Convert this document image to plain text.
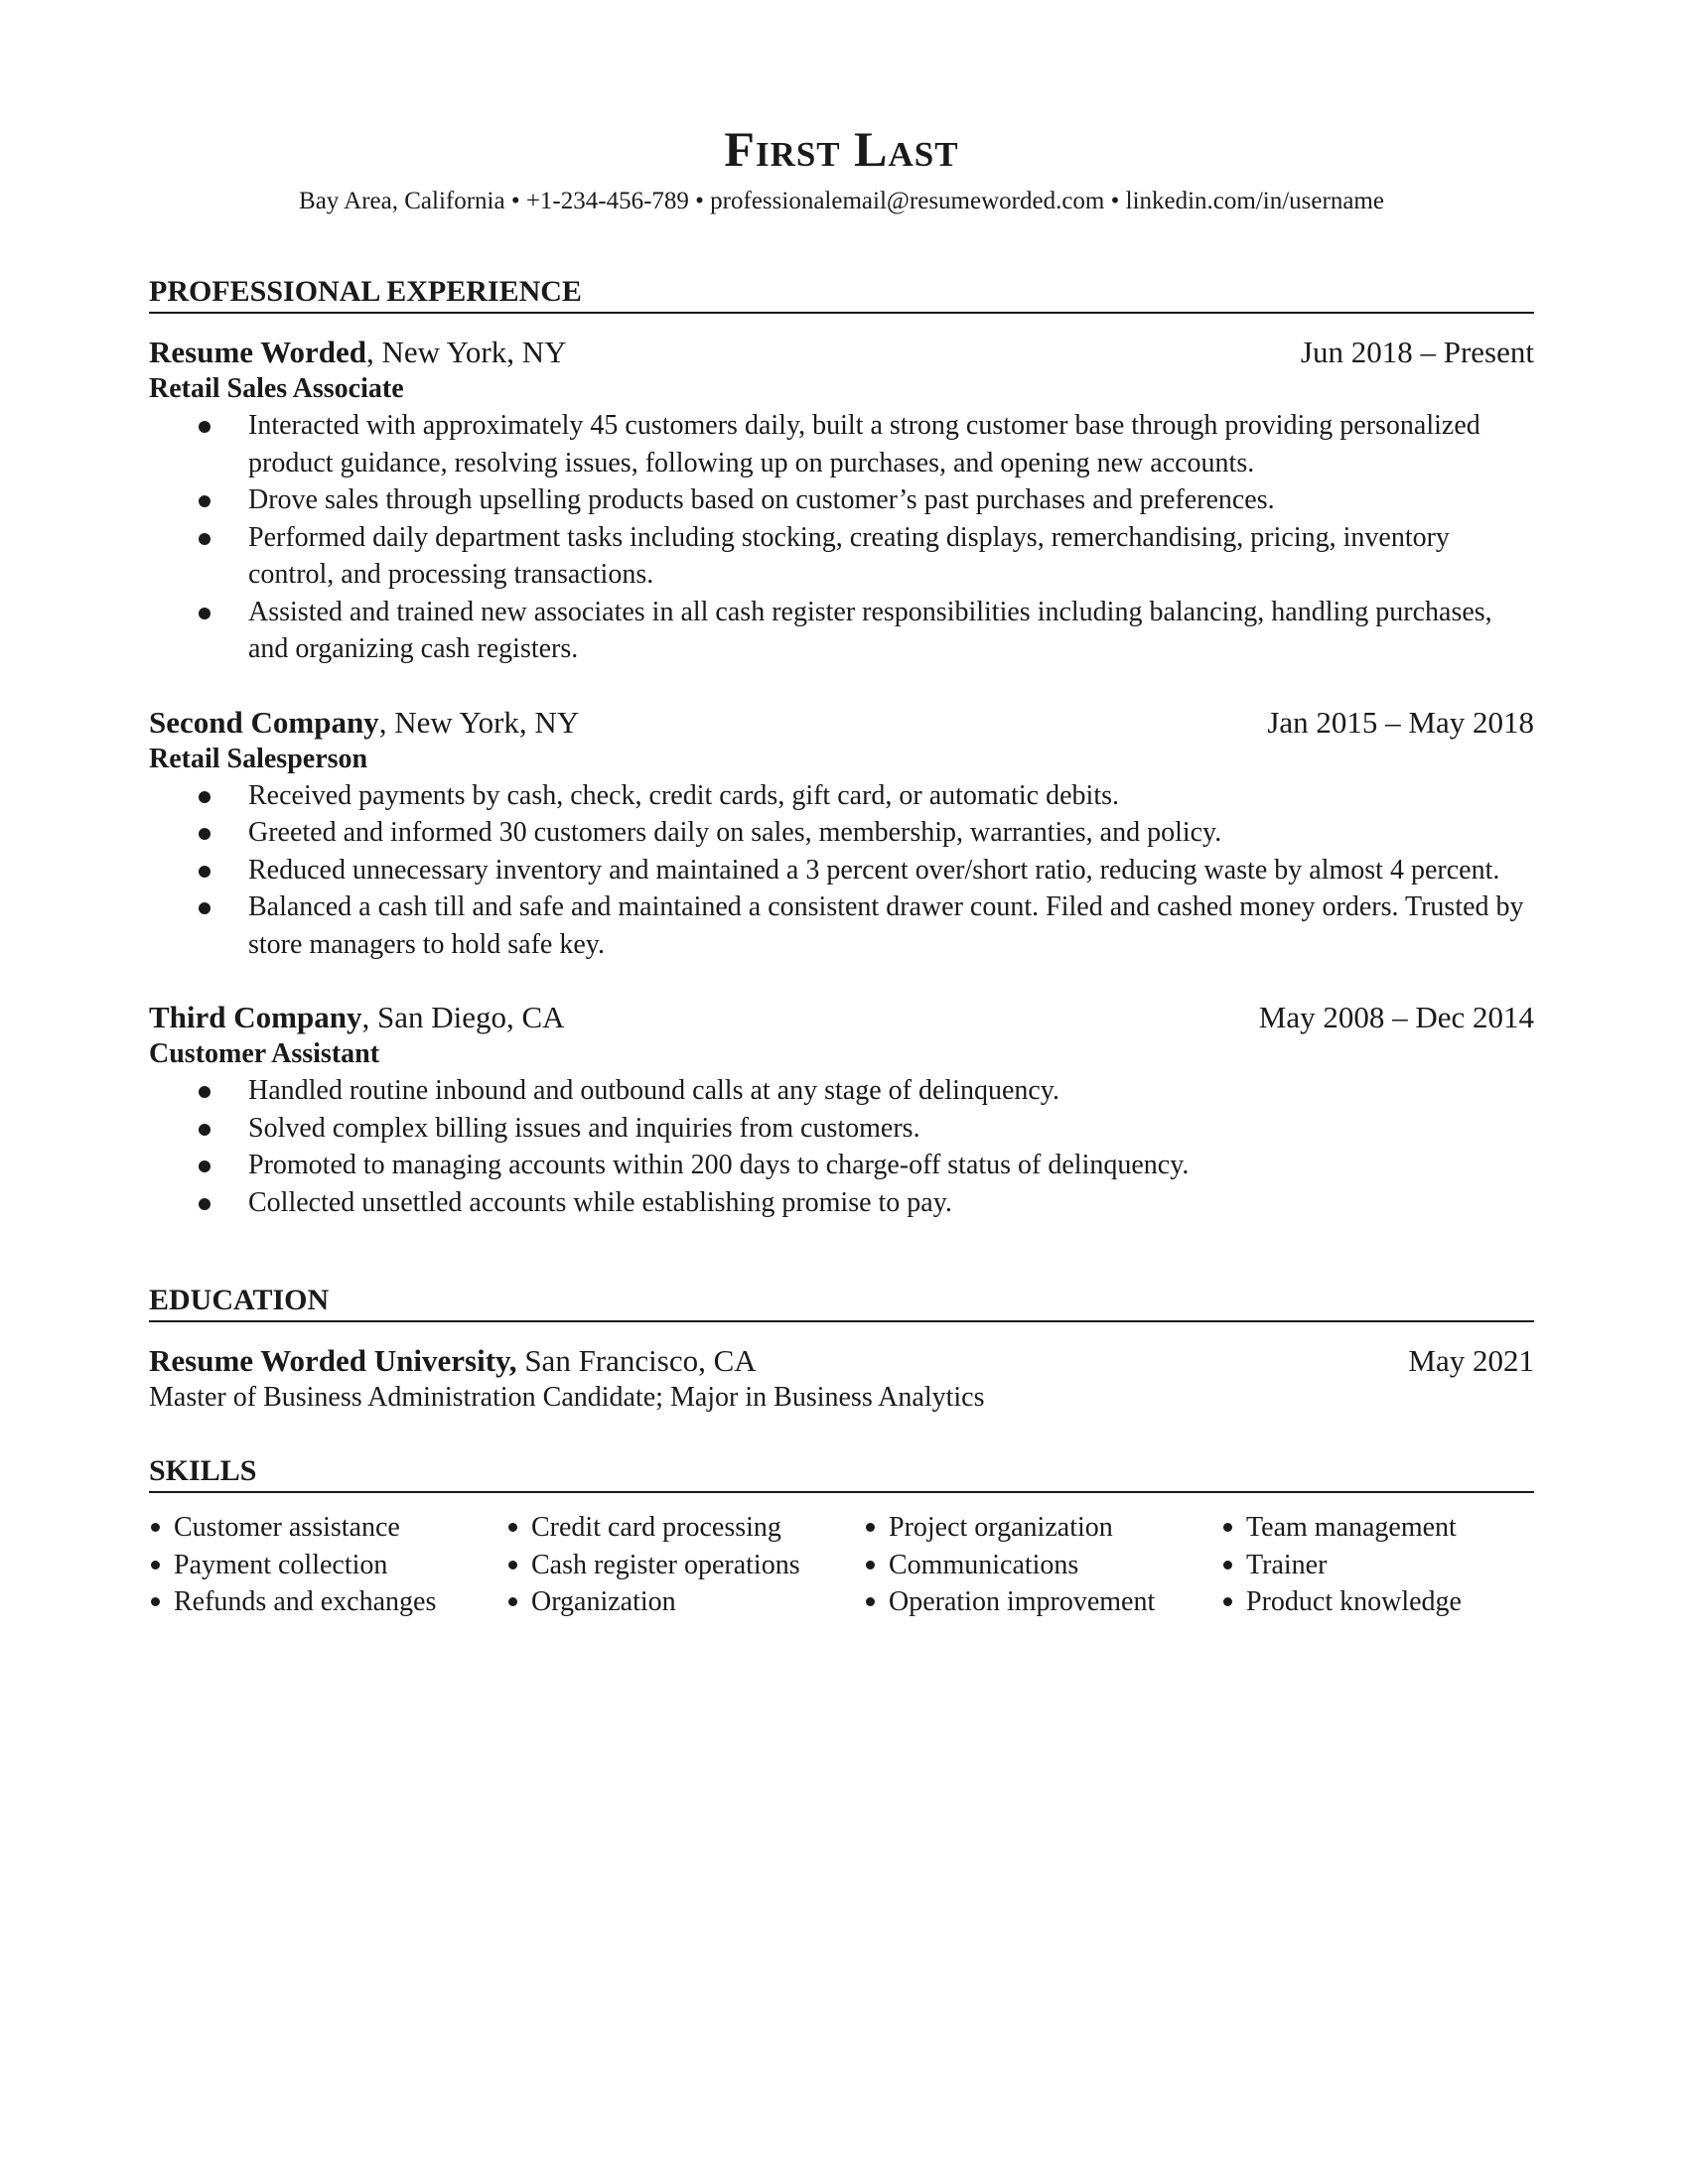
First Last
Bay Area, California • +1-234-456-789 • professionalemail@resumeworded.com • linkedin.com/in/username
PROFESSIONAL EXPERIENCE
Resume Worded, New York, NY	Jun 2018 – Present
Retail Sales Associate
Interacted with approximately 45 customers daily, built a strong customer base through providing personalized product guidance, resolving issues, following up on purchases, and opening new accounts.
Drove sales through upselling products based on customer’s past purchases and preferences.
Performed daily department tasks including stocking, creating displays, remerchandising, pricing, inventory control, and processing transactions.
Assisted and trained new associates in all cash register responsibilities including balancing, handling purchases, and organizing cash registers.
Second Company, New York, NY	Jan 2015 – May 2018
Retail Salesperson
Received payments by cash, check, credit cards, gift card, or automatic debits.
Greeted and informed 30 customers daily on sales, membership, warranties, and policy.
Reduced unnecessary inventory and maintained a 3 percent over/short ratio, reducing waste by almost 4 percent.
Balanced a cash till and safe and maintained a consistent drawer count. Filed and cashed money orders. Trusted by store managers to hold safe key.
Third Company, San Diego, CA	May 2008 – Dec 2014
Customer Assistant
Handled routine inbound and outbound calls at any stage of delinquency.
Solved complex billing issues and inquiries from customers.
Promoted to managing accounts within 200 days to charge-off status of delinquency.
Collected unsettled accounts while establishing promise to pay.
EDUCATION
Resume Worded University, San Francisco, CA	May 2021
Master of Business Administration Candidate; Major in Business Analytics
SKILLS
Customer assistance	Credit card processing	Project organization	Team management
Payment collection	Cash register operations	Communications	Trainer
Refunds and exchanges	Organization	Operation improvement	Product knowledge
